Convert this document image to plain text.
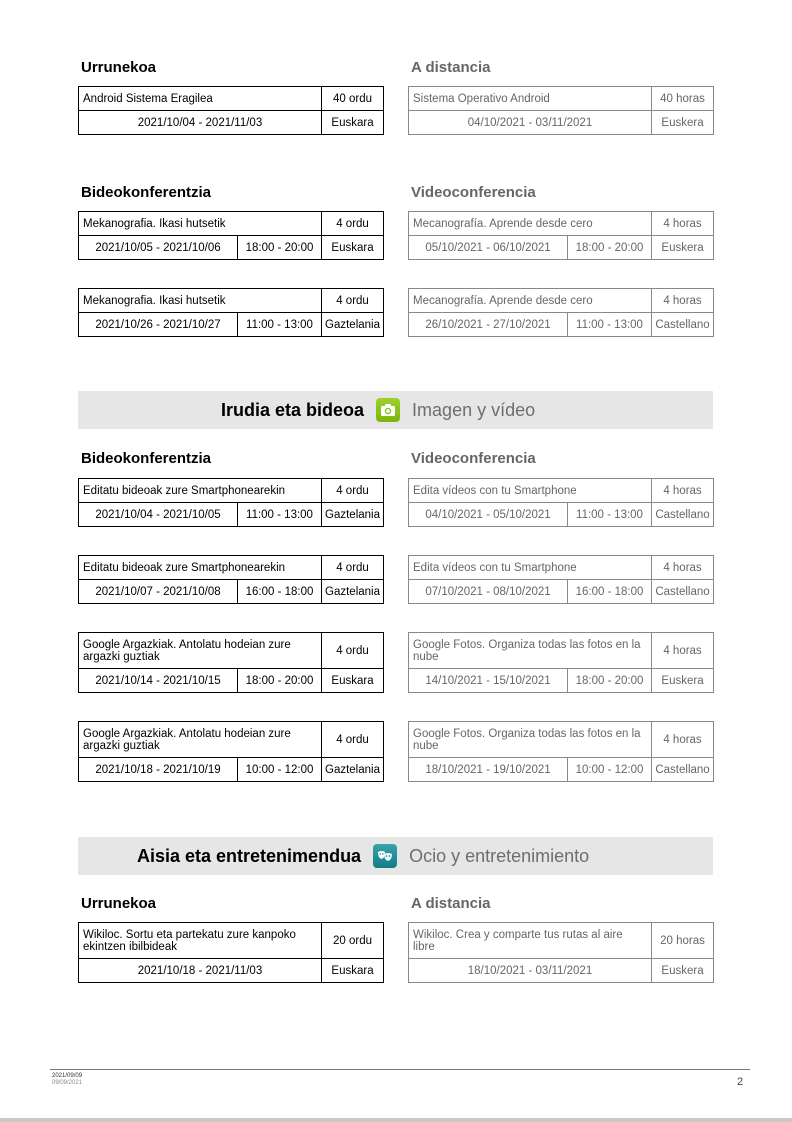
Urrunekoa	A distancia
Android Sistema Eragilea	40 ordu
2021/10/04 - 2021/11/03	Euskara
Sistema Operativo Android	40 horas
04/10/2021 - 03/11/2021	Euskera
Bideokonferentzia	Videoconferencia
Mekanografia. Ikasi hutsetik		4 ordu
2021/10/05 - 2021/10/06	18:00 - 20:00	Euskara
Mecanografía. Aprende desde cero		4 horas
05/10/2021 - 06/10/2021	18:00 - 20:00	Euskera
Mekanografia. Ikasi hutsetik		4 ordu
2021/10/26 - 2021/10/27	11:00 - 13:00	Gaztelania
Mecanografía. Aprende desde cero		4 horas
26/10/2021 - 27/10/2021	11:00 - 13:00	Castellano
Irudia eta bideoa	Imagen y vídeo
Bideokonferentzia	Videoconferencia
Editatu bideoak zure Smartphonearekin		4 ordu
2021/10/04 - 2021/10/05	11:00 - 13:00	Gaztelania
Edita vídeos con tu Smartphone		4 horas
04/10/2021 - 05/10/2021	11:00 - 13:00	Castellano
Editatu bideoak zure Smartphonearekin		4 ordu
2021/10/07 - 2021/10/08	16:00 - 18:00	Gaztelania
Edita vídeos con tu Smartphone		4 horas
07/10/2021 - 08/10/2021	16:00 - 18:00	Castellano
Google Argazkiak. Antolatu hodeian zure argazki guztiak		4 ordu
2021/10/14 - 2021/10/15	18:00 - 20:00	Euskara
Google Fotos. Organiza todas las fotos en la nube		4 horas
14/10/2021 - 15/10/2021	18:00 - 20:00	Euskera
Google Argazkiak. Antolatu hodeian zure argazki guztiak		4 ordu
2021/10/18 - 2021/10/19	10:00 - 12:00	Gaztelania
Google Fotos. Organiza todas las fotos en la nube		4 horas
18/10/2021 - 19/10/2021	10:00 - 12:00	Castellano
Aisia eta entretenimendua	Ocio y entretenimiento
Urrunekoa	A distancia
Wikiloc. Sortu eta partekatu zure kanpoko ekintzen ibilbideak	20 ordu
2021/10/18 - 2021/11/03	Euskara
Wikiloc. Crea y comparte tus rutas al aire libre	20 horas
18/10/2021 - 03/11/2021	Euskera
2021/09/09
09/09/2021	2
